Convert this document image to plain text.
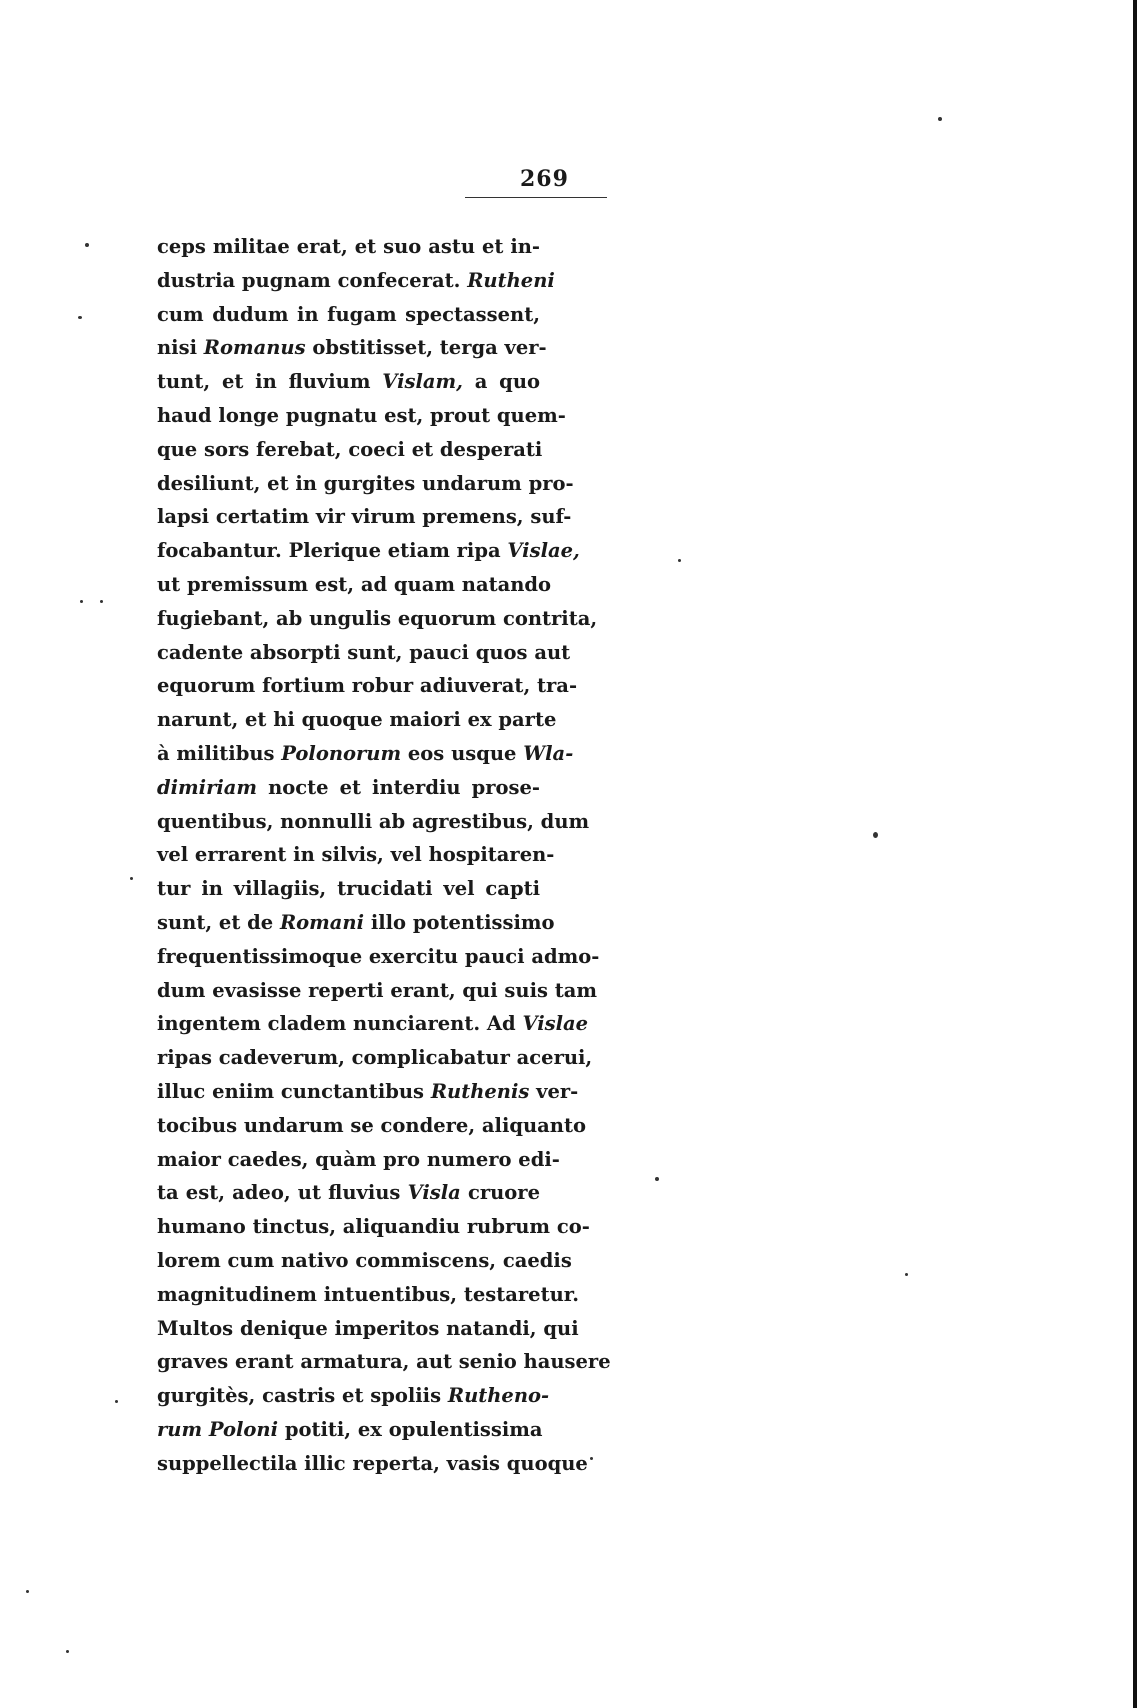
269
ceps militae erat, et suo astu et in-
dustria pugnam confecerat. Rutheni
cum dudum in fugam spectassent,
nisi Romanus obstitisset, terga ver-
tunt, et in fluvium Vislam, a quo
haud longe pugnatu est, prout quem-
que sors ferebat, coeci et desperati
desiliunt, et in gurgites undarum pro-
lapsi certatim vir virum premens, suf-
focabantur. Plerique etiam ripa Vislae,
ut premissum est, ad quam natando
fugiebant, ab ungulis equorum contrita,
cadente absorpti sunt, pauci quos aut
equorum fortium robur adiuverat, tra-
narunt, et hi quoque maiori ex parte
à militibus Polonorum eos usque Wla-
dimiriam nocte et interdiu prose-
quentibus, nonnulli ab agrestibus, dum
vel errarent in silvis, vel hospitaren-
tur in villagiis, trucidati vel capti
sunt, et de Romani illo potentissimo
frequentissimoque exercitu pauci admo-
dum evasisse reperti erant, qui suis tam
ingentem cladem nunciarent. Ad Vislae
ripas cadeverum, complicabatur acerui,
illuc eniim cunctantibus Ruthenis ver-
tocibus undarum se condere, aliquanto
maior caedes, quàm pro numero edi-
ta est, adeo, ut fluvius Visla cruore
humano tinctus, aliquandiu rubrum co-
lorem cum nativo commiscens, caedis
magnitudinem intuentibus, testaretur.
Multos denique imperitos natandi, qui
graves erant armatura, aut senio hausere
gurgitès, castris et spoliis Rutheno-
rum Poloni potiti, ex opulentissima
suppellectila illic reperta, vasis quoque
